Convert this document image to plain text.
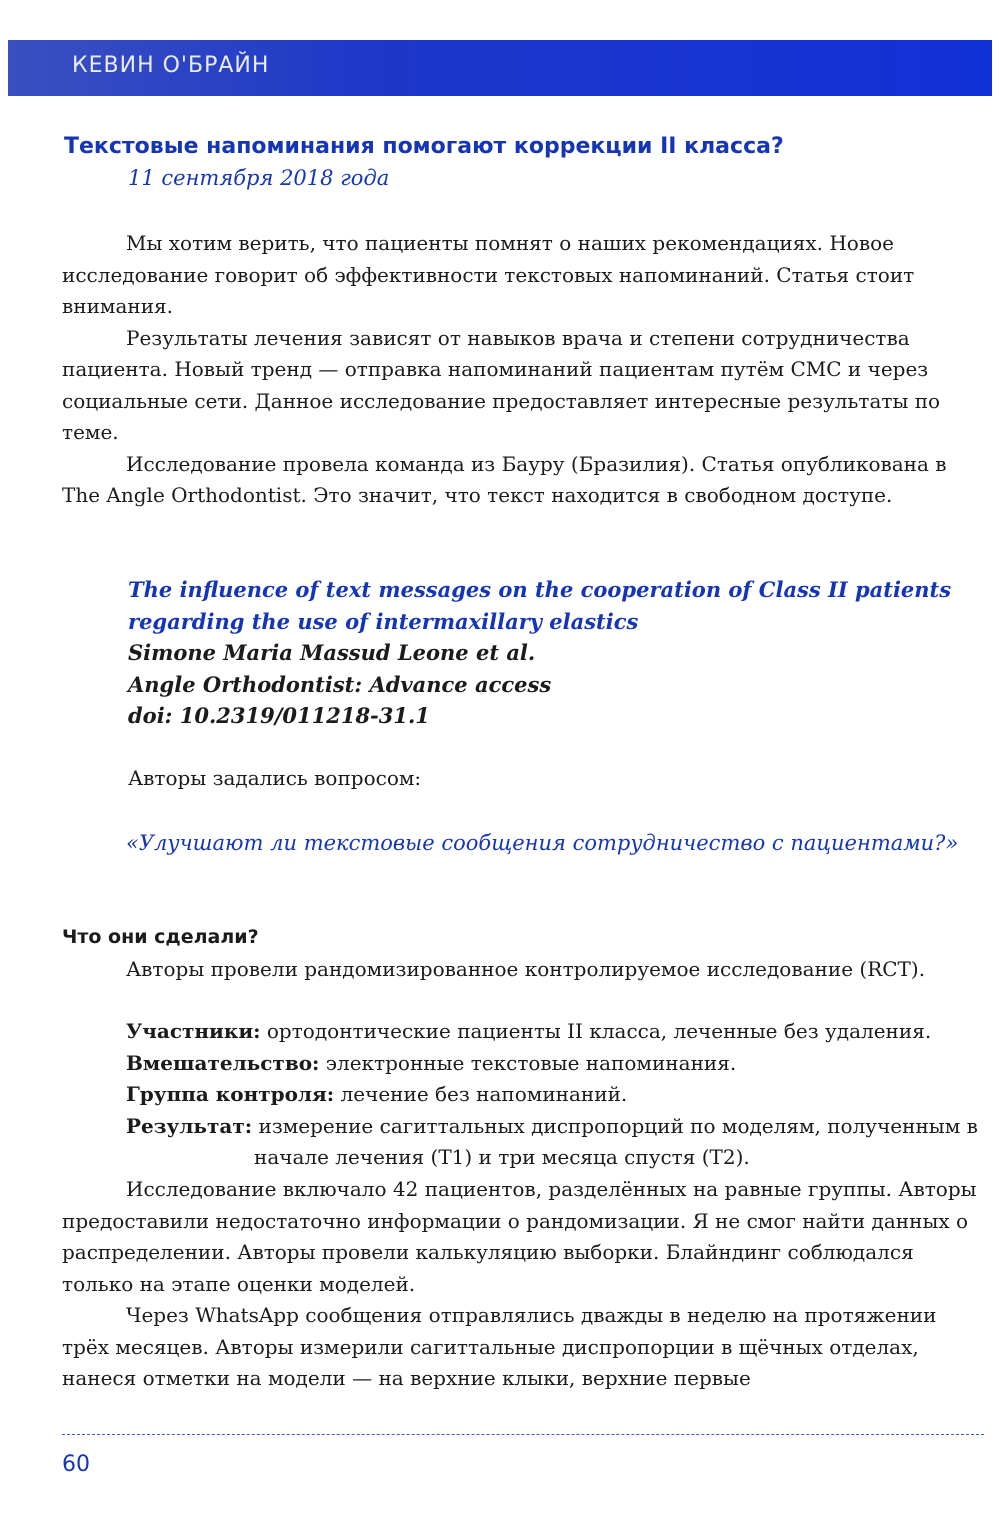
КЕВИН О'БРАЙН
Текстовые напоминания помогают коррекции II класса?
11 сентября 2018 года

Мы хотим верить, что пациенты помнят о наших рекомендациях. Новое исследование говорит об эффективности текстовых напоминаний. Статья стоит внимания.

Результаты лечения зависят от навыков врача и степени сотрудничества пациента. Новый тренд — отправка напоминаний пациентам путём СМС и через социальные сети. Данное исследование предоставляет интересные результаты по теме.

Исследование провела команда из Бауру (Бразилия). Статья опубликована в The Angle Orthodontist. Это значит, что текст находится в свободном доступе.

The influence of text messages on the cooperation of Class II patients regarding the use of intermaxillary elastics
Simone Maria Massud Leone et al.
Angle Orthodontist: Advance access
doi: 10.2319/011218-31.1
Авторы задались вопросом:
«Улучшают ли текстовые сообщения сотрудничество с пациентами?»
Что они сделали?

Авторы провели рандомизированное контролируемое исследование (RCT).

Участники: ортодонтические пациенты II класса, леченные без удаления.
Вмешательство: электронные текстовые напоминания.
Группа контроля: лечение без напоминаний.
Результат: измерение сагиттальных диспропорций по моделям, полученным в начале лечения (T1) и три месяца спустя (T2).

Исследование включало 42 пациентов, разделённых на равные группы. Авторы предоставили недостаточно информации о рандомизации. Я не смог найти данных о распределении. Авторы провели калькуляцию выборки. Блайндинг соблюдался только на этапе оценки моделей.

Через WhatsApp сообщения отправлялись дважды в неделю на протяжении трёх месяцев. Авторы измерили сагиттальные диспропорции в щёчных отделах, нанеся отметки на модели — на верхние клыки, верхние первые

60
